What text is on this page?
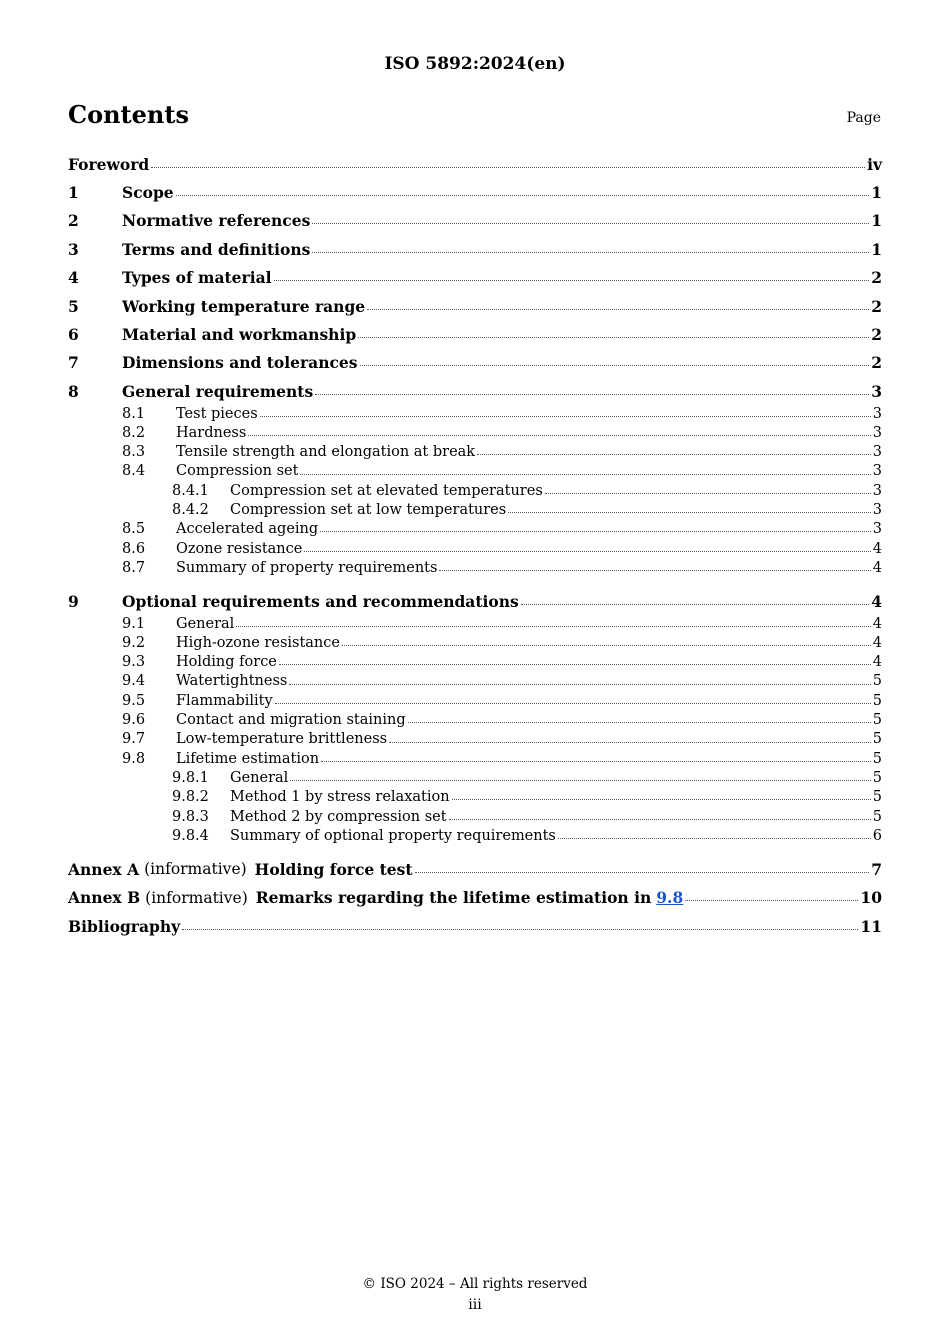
ISO 5892:2024(en)
Contents	Page
Foreword	iv
1	Scope	1
2	Normative references	1
3	Terms and definitions	1
4	Types of material	2
5	Working temperature range	2
6	Material and workmanship	2
7	Dimensions and tolerances	2
8	General requirements	3
8.1	Test pieces	3
8.2	Hardness	3
8.3	Tensile strength and elongation at break	3
8.4	Compression set	3
8.4.1	Compression set at elevated temperatures	3
8.4.2	Compression set at low temperatures	3
8.5	Accelerated ageing	3
8.6	Ozone resistance	4
8.7	Summary of property requirements	4
9	Optional requirements and recommendations	4
9.1	General	4
9.2	High-ozone resistance	4
9.3	Holding force	4
9.4	Watertightness	5
9.5	Flammability	5
9.6	Contact and migration staining	5
9.7	Low-temperature brittleness	5
9.8	Lifetime estimation	5
9.8.1	General	5
9.8.2	Method 1 by stress relaxation	5
9.8.3	Method 2 by compression set	5
9.8.4	Summary of optional property requirements	6
Annex A (informative) Holding force test	7
Annex B (informative) Remarks regarding the lifetime estimation in 9.8	10
Bibliography	11
© ISO 2024 – All rights reserved
iii
